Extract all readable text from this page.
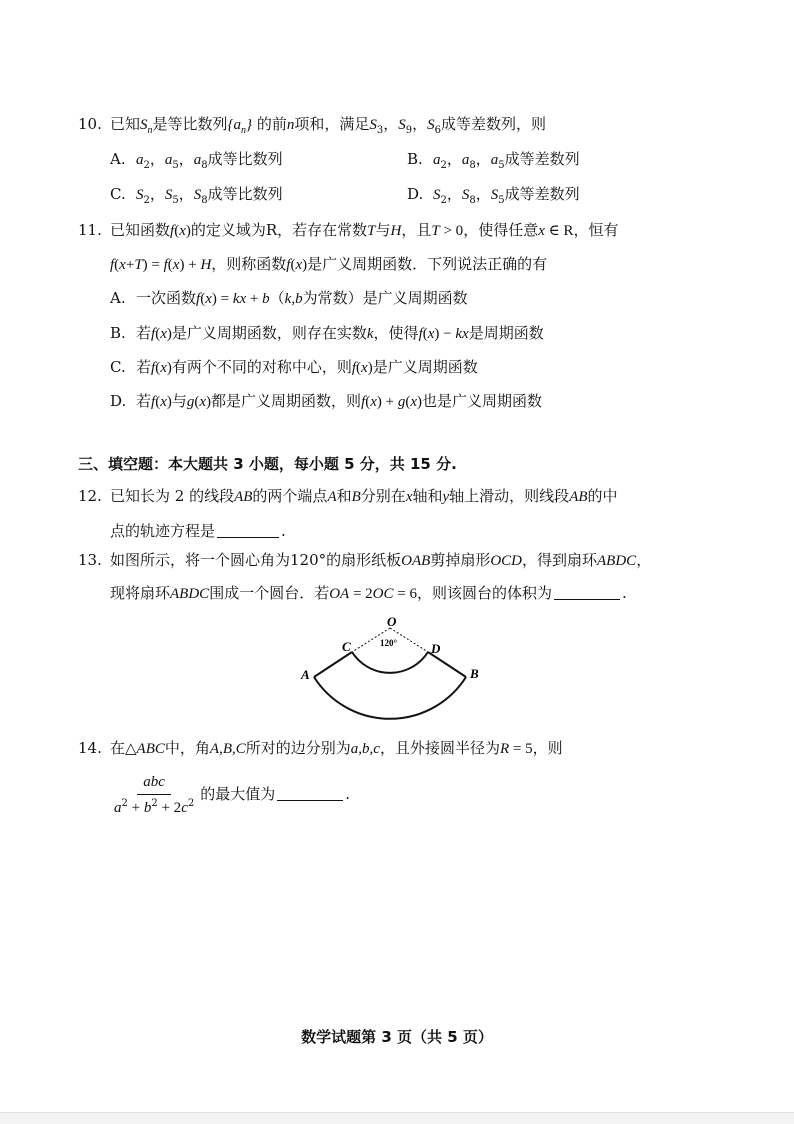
10. 已知$S_n$是等比数列$\{a_n\}$ 的前n项和，满足$S_3$，$S_9$，$S_6$成等差数列，则
A. $a_2$，$a_5$，$a_8$成等比数列	B. $a_2$，$a_8$，$a_5$成等差数列
C. $S_2$，$S_5$，$S_8$成等比数列	D. $S_2$，$S_8$，$S_5$成等差数列
11. 已知函数f(x)的定义域为R，若存在常数T与H，且T > 0，使得任意x ∈ R，恒有
f(x+T) = f(x) + H，则称函数f(x)是广义周期函数．下列说法正确的有
A. 一次函数f(x) = kx + b（k,b为常数）是广义周期函数
B. 若f(x)是广义周期函数，则存在实数k，使得f(x) − kx是周期函数
C. 若f(x)有两个不同的对称中心，则f(x)是广义周期函数
D. 若f(x)与g(x)都是广义周期函数，则f(x) + g(x)也是广义周期函数
三、填空题：本大题共 3 小题，每小题 5 分，共 15 分.
12. 已知长为 2 的线段AB的两个端点A和B分别在x轴和y轴上滑动，则线段AB的中
点的轨迹方程是	.
13. 如图所示，将一个圆心角为120°的扇形纸板OAB剪掉扇形OCD，得到扇环ABDC，
现将扇环ABDC围成一个圆台．若OA = 2OC = 6，则该圆台的体积为	.
O
C	D
A	B
120°
14. 在△ABC中，角A,B,C所对的边分别为a,b,c，且外接圆半径为R = 5，则
$\frac{\text{abc}}{a^2 + b^2 + 2c^2}$ 的最大值为	.
数学试题第 3 页（共 5 页）
